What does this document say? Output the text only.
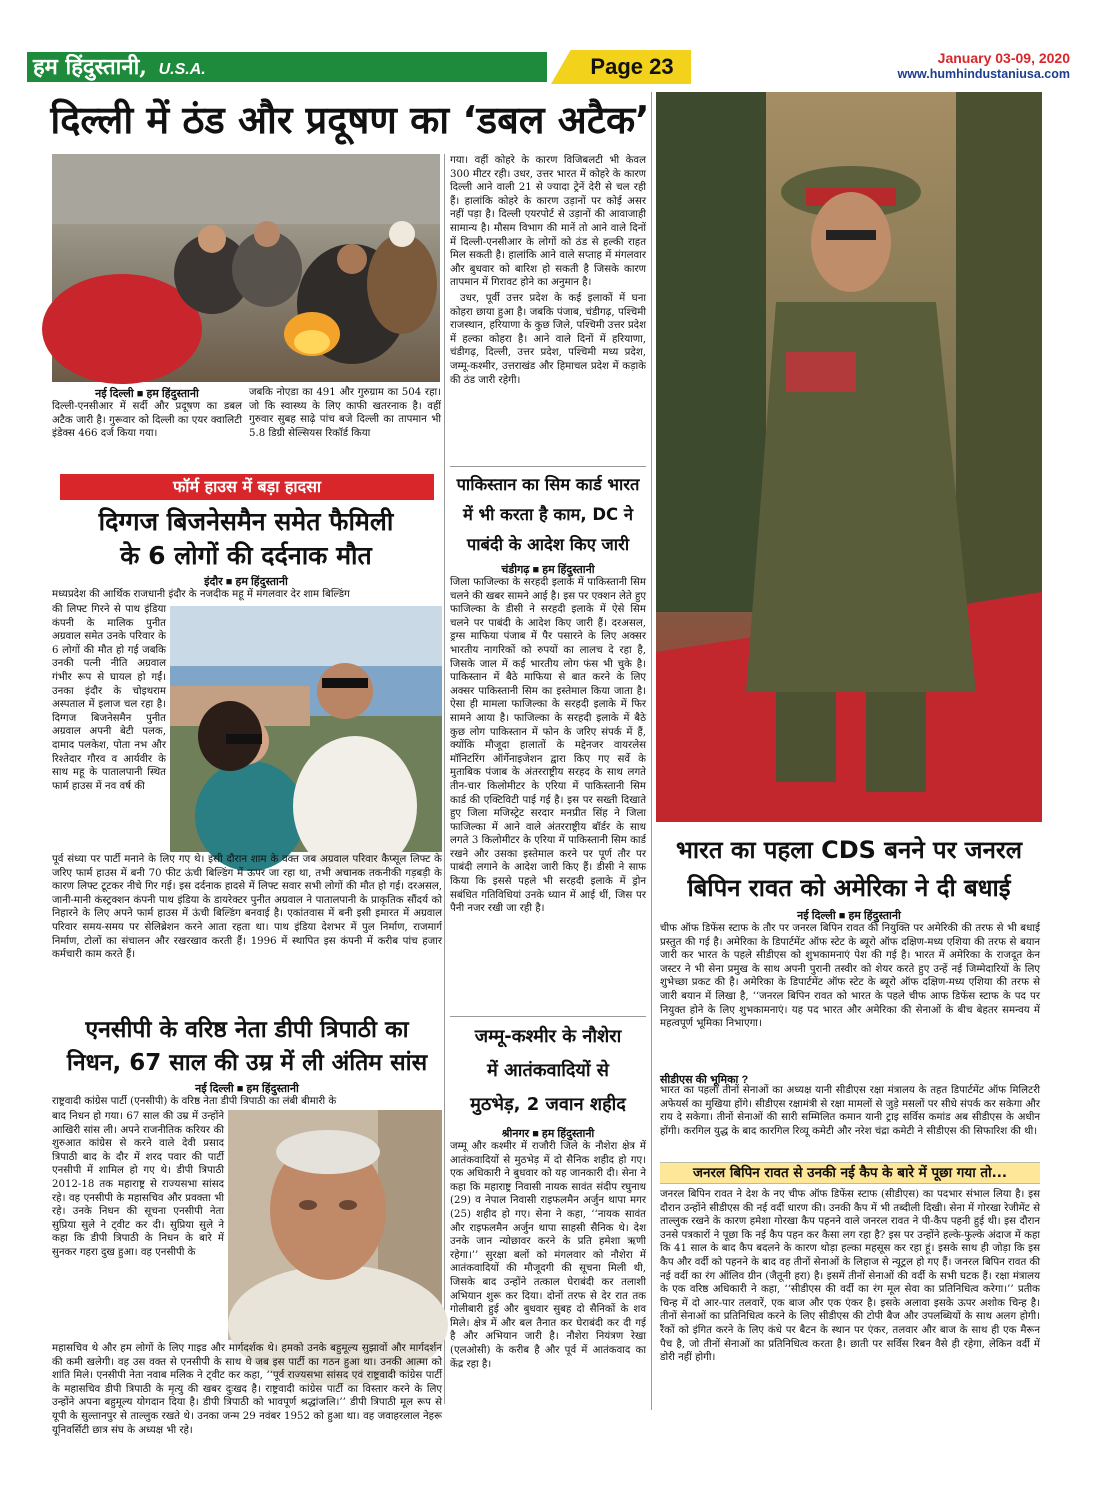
हम हिंदुस्तानी, U.S.A.	Page 23	January 03-09, 2020
www.humhindustaniusa.com
दिल्ली में ठंड और प्रदूषण का ‘डबल अटैक’
नई दिल्ली ■ हम हिंदुस्तानी
दिल्ली-एनसीआर में सर्दी और प्रदूषण का डबल अटैक जारी है। गुरूवार को दिल्ली का एयर क्वालिटी इंडेक्स 466 दर्ज किया गया।
जबकि नोएडा का 491 और गुरुग्राम का 504 रहा। जो कि स्वास्थ्य के लिए काफी खतरनाक है। वहीं गुरुवार सुबह साढ़े पांच बजे दिल्ली का तापमान भी 5.8 डिग्री सेल्सियस रिकॉर्ड किया

गया। वहीं कोहरे के कारण विजिबलटी भी केवल 300 मीटर रही। उधर, उत्तर भारत में कोहरे के कारण दिल्ली आने वाली 21 से ज्यादा ट्रेनें देरी से चल रही हैं। हालांकि कोहरे के कारण उड़ानों पर कोई असर नहीं पड़ा है। दिल्ली एयरपोर्ट से उड़ानों की आवाजाही सामान्य है। मौसम विभाग की मानें तो आने वाले दिनों में दिल्ली-एनसीआर के लोगों को ठंड से हल्की राहत मिल सकती है। हालांकि आने वाले सप्ताह में मंगलवार और बुधवार को बारिश हो सकती है जिसके कारण तापमान में गिरावट होने का अनुमान है।

उधर, पूर्वी उत्तर प्रदेश के कई इलाकों में घना कोहरा छाया हुआ है। जबकि पंजाब, चंडीगढ़, पश्चिमी राजस्थान, हरियाणा के कुछ जिले, पश्चिमी उत्तर प्रदेश में हल्का कोहरा है। आने वाले दिनों में हरियाणा, चंडीगढ़, दिल्ली, उत्तर प्रदेश, पश्चिमी मध्य प्रदेश, जम्मू-कश्मीर, उत्तराखंड और हिमाचल प्रदेश में कड़ाके की ठंड जारी रहेगी।

फॉर्म हाउस में बड़ा हादसा
दिग्गज बिजनेसमैन समेत फैमिली
के 6 लोगों की दर्दनाक मौत
इंदौर ■ हम हिंदुस्तानी
मध्यप्रदेश की आर्थिक राजधानी इंदौर के नजदीक महू में मंगलवार देर शाम बिल्डिंग
की लिफ्ट गिरने से पाथ इंडिया कंपनी के मालिक पुनीत अग्रवाल समेत उनके परिवार के 6 लोगों की मौत हो गई जबकि उनकी पत्नी नीति अग्रवाल गंभीर रूप से घायल हो गईं। उनका इंदौर के चोइथराम अस्पताल में इलाज चल रहा है। दिग्गज बिजनेसमैन पुनीत अग्रवाल अपनी बेटी पलक, दामाद पलकेश, पोता नभ और रिश्तेदार गौरव व आर्यवीर के साथ महू के पातालपानी स्थित फार्म हाउस में नव वर्ष की
पूर्व संध्या पर पार्टी मनाने के लिए गए थे। इसी दौरान शाम के वक्त जब अग्रवाल परिवार कैप्सूल लिफ्ट के जरिए फार्म हाउस में बनी 70 फीट ऊंची बिल्डिंग में ऊपर जा रहा था, तभी अचानक तकनीकी गड़बड़ी के कारण लिफ्ट टूटकर नीचे गिर गई। इस दर्दनाक हादसे में लिफ्ट सवार सभी लोगों की मौत हो गई। दरअसल, जानी-मानी कंस्ट्रक्शन कंपनी पाथ इंडिया के डायरेक्टर पुनीत अग्रवाल ने पातालपानी के प्राकृतिक सौंदर्य को निहारने के लिए अपने फार्म हाउस में ऊंची बिल्डिंग बनवाई है। एकांतवास में बनी इसी इमारत में अग्रवाल परिवार समय-समय पर सेलिब्रेशन करने आता रहता था। पाथ इंडिया देशभर में पुल निर्माण, राजमार्ग निर्माण, टोलों का संचालन और रखरखाव करती हैं। 1996 में स्थापित इस कंपनी में करीब पांच हजार कर्मचारी काम करते हैं।
एनसीपी के वरिष्ठ नेता डीपी त्रिपाठी का
निधन, 67 साल की उम्र में ली अंतिम सांस
नई दिल्ली ■ हम हिंदुस्तानी
राष्ट्रवादी कांग्रेस पार्टी (एनसीपी) के वरिष्ठ नेता डीपी त्रिपाठी का लंबी बीमारी के
बाद निधन हो गया। 67 साल की उम्र में उन्होंने आखिरी सांस ली। अपने राजनीतिक करियर की शुरुआत कांग्रेस से करने वाले देवी प्रसाद त्रिपाठी बाद के दौर में शरद पवार की पार्टी एनसीपी में शामिल हो गए थे। डीपी त्रिपाठी 2012-18 तक महाराष्ट्र से राज्यसभा सांसद रहे। वह एनसीपी के महासचिव और प्रवक्ता भी रहे। उनके निधन की सूचना एनसीपी नेता सुप्रिया सुले ने ट्वीट कर दी। सुप्रिया सुले ने कहा कि डीपी त्रिपाठी के निधन के बारे में सुनकर गहरा दुख हुआ। वह एनसीपी के
महासचिव थे और हम लोगों के लिए गाइड और मार्गदर्शक थे। हमको उनके बहुमूल्य सुझावों और मार्गदर्शन की कमी खलेगी। वह उस वक्त से एनसीपी के साथ थे जब इस पार्टी का गठन हुआ था। उनकी आत्मा को शांति मिले। एनसीपी नेता नवाब मलिक ने ट्वीट कर कहा, ‘‘पूर्व राज्यसभा सांसद एवं राष्ट्रवादी कांग्रेस पार्टी के महासचिव डीपी त्रिपाठी के मृत्यु की खबर दुःखद है। राष्ट्रवादी कांग्रेस पार्टी का विस्तार करने के लिए उन्होंने अपना बहुमूल्य योगदान दिया है। डीपी त्रिपाठी को भावपूर्ण श्रद्धांजलि।’’ डीपी त्रिपाठी मूल रूप से यूपी के सुल्तानपुर से ताल्लुक रखते थे। उनका जन्म 29 नवंबर 1952 को हुआ था। वह जवाहरलाल नेहरू यूनिवर्सिटी छात्र संघ के अध्यक्ष भी रहे।
पाकिस्तान का सिम कार्ड भारत
में भी करता है काम, DC ने
पाबंदी के आदेश किए जारी
चंडीगढ़ ■ हम हिंदुस्तानी
जिला फाजिल्का के सरहदी इलाके में पाकिस्तानी सिम चलने की खबर सामने आई है। इस पर एक्शन लेते हुए फाजिल्का के डीसी ने सरहदी इलाके में ऐसे सिम चलने पर पाबंदी के आदेश किए जारी हैं। दरअसल, ड्रग्स माफिया पंजाब में पैर पसारने के लिए अक्सर भारतीय नागरिकों को रुपयों का लालच दे रहा है, जिसके जाल में कई भारतीय लोग फंस भी चुके है। पाकिस्तान में बैठे माफिया से बात करने के लिए अक्सर पाकिस्तानी सिम का इस्तेमाल किया जाता है। ऐसा ही मामला फाजिल्का के सरहदी इलाके में फिर सामने आया है। फाजिल्का के सरहदी इलाके में बैठे कुछ लोग पाकिस्तान में फोन के जरिए संपर्क में हैं, क्योंकि मौजूदा हालातों के मद्देनजर वायरलेस मॉनिटरिंग ऑर्गेनाइजेशन द्वारा किए गए सर्वे के मुताबिक पंजाब के अंतरराष्ट्रीय सरहद के साथ लगते तीन-चार किलोमीटर के एरिया में पाकिस्तानी सिम कार्ड की एक्टिविटी पाई गई है। इस पर सख्ती दिखाते हुए जिला मजिस्ट्रेट सरदार मनप्रीत सिंह ने जिला फाजिल्का में आने वाले अंतरराष्ट्रीय बॉर्डर के साथ लगते 3 किलोमीटर के एरिया में पाकिस्तानी सिम कार्ड रखने और उसका इस्तेमाल करने पर पूर्ण तौर पर पाबंदी लगाने के आदेश जारी किए हैं। डीसी ने साफ किया कि इससे पहले भी सरहदी इलाके में ड्रोन सबंधित गतिविधियां उनके ध्यान में आई थीं, जिस पर पैनी नजर रखी जा रही है।
जम्मू-कश्मीर के नौशेरा
में आतंकवादियों से
मुठभेड़, 2 जवान शहीद
श्रीनगर ■ हम हिंदुस्तानी
जम्मू और कश्मीर में राजौरी जिले के नौशेरा क्षेत्र में आतंकवादियों से मुठभेड़ में दो सैनिक शहीद हो गए। एक अधिकारी ने बुधवार को यह जानकारी दी। सेना ने कहा कि महाराष्ट्र निवासी नायक सावंत संदीप रघुनाथ (29) व नेपाल निवासी राइफलमैन अर्जुन थापा मगर (25) शहीद हो गए। सेना ने कहा, ‘‘नायक सावंत और राइफलमैन अर्जुन थापा साहसी सैनिक थे। देश उनके जान न्योछावर करने के प्रति हमेशा ऋणी रहेगा।’’ सुरक्षा बलों को मंगलवार को नौशेरा में आतंकवादियों की मौजूदगी की सूचना मिली थी, जिसके बाद उन्होंने तत्काल घेराबंदी कर तलाशी अभियान शुरू कर दिया। दोनों तरफ से देर रात तक गोलीबारी हुई और बुधवार सुबह दो सैनिकों के शव मिले। क्षेत्र में और बल तैनात कर घेराबंदी कर दी गई है और अभियान जारी है। नौशेरा नियंत्रण रेखा (एलओसी) के करीब है और पूर्व में आतंकवाद का केंद्र रहा है।
भारत का पहला CDS बनने पर जनरल
बिपिन रावत को अमेरिका ने दी बधाई
नई दिल्ली ■ हम हिंदुस्तानी
चीफ ऑफ डिफेंस स्टाफ के तौर पर जनरल बिपिन रावत की नियुक्ति पर अमेरिकी की तरफ से भी बधाई प्रस्तुत की गई है। अमेरिका के डिपार्टमेंट ऑफ स्टेट के ब्यूरो ऑफ दक्षिण-मध्य एशिया की तरफ से बयान जारी कर भारत के पहले सीडीएस को शुभकामनाएं पेश की गई है। भारत में अमेरिका के राजदूत केन जस्टर ने भी सेना प्रमुख के साथ अपनी पुरानी तस्वीर को शेयर करते हुए उन्हें नई जिम्मेदारियों के लिए शुभेच्छा प्रकट की है। अमेरिका के डिपार्टमेंट ऑफ स्टेट के ब्यूरो ऑफ दक्षिण-मध्य एशिया की तरफ से जारी बयान में लिखा है, ‘‘जनरल बिपिन रावत को भारत के पहले चीफ आफ डिफेंस स्टाफ के पद पर नियुक्त होने के लिए शुभकामनाएं। यह पद भारत और अमेरिका की सेनाओं के बीच बेहतर समन्वय में महत्वपूर्ण भूमिका निभाएगा।
सीडीएस की भूमिका ?
भारत का पहला तीनों सेनाओं का अध्यक्ष यानी सीडीएस रक्षा मंत्रालय के तहत डिपार्टमेंट ऑफ मिलिटरी अफेयर्स का मुखिया होंगे। सीडीएस रक्षामंत्री से रक्षा मामलों से जुड़े मसलों पर सीधे संपर्क कर सकेगा और राय दे सकेगा। तीनों सेनाओं की सारी सम्मिलित कमान यानी ट्राइ सर्विस कमांड अब सीडीएस के अधीन होंगी। करगिल युद्ध के बाद कारगिल रिव्यू कमेटी और नरेश चंद्रा कमेटी ने सीडीएस की सिफारिश की थी।
जनरल बिपिन रावत से उनकी नई कैप के बारे में पूछा गया तो...
जनरल बिपिन रावत ने देश के नए चीफ ऑफ डिफेंस स्टाफ (सीडीएस) का पदभार संभाल लिया है। इस दौरान उन्होंने सीडीएस की नई वर्दी धारण की। उनकी कैप में भी तब्दीली दिखी। सेना में गोरखा रेजीमेंट से ताल्लुक रखने के कारण हमेशा गोरखा कैप पहनने वाले जनरल रावत ने पी-कैप पहनी हुई थी। इस दौरान उनसे पत्रकारों ने पूछा कि नई कैप पहन कर कैसा लग रहा है? इस पर उन्होंने हल्के-फुल्के अंदाज में कहा कि 41 साल के बाद कैप बदलने के कारण थोड़ा हल्का महसूस कर रहा हूं। इसके साथ ही जोड़ा कि इस कैप और वर्दी को पहनने के बाद वह तीनों सेनाओं के लिहाज से न्यूट्रल हो गए हैं। जनरल बिपिन रावत की नई वर्दी का रंग ऑलिव ग्रीन (जैतूनी हरा) है। इसमें तीनों सेनाओं की वर्दी के सभी घटक हैं। रक्षा मंत्रालय के एक वरिष्ठ अधिकारी ने कहा, ‘‘सीडीएस की वर्दी का रंग मूल सेवा का प्रतिनिधित्व करेगा।’’ प्रतीक चिन्ह में दो आर-पार तलवारें, एक बाज और एक एंकर है। इसके अलावा इसके ऊपर अशोक चिन्ह है। तीनों सेनाओं का प्रतिनिधित्व करने के लिए सीडीएस की टोपी बैज और उपलब्धियों के साथ अलग होगी। रैंकों को इंगित करने के लिए कंधे पर बैटन के स्थान पर एंकर, तलवार और बाज के साथ ही एक मैरून पैच है, जो तीनों सेनाओं का प्रतिनिधित्व करता है। छाती पर सर्विस रिबन वैसे ही रहेगा, लेकिन वर्दी में डोरी नहीं होगी।
